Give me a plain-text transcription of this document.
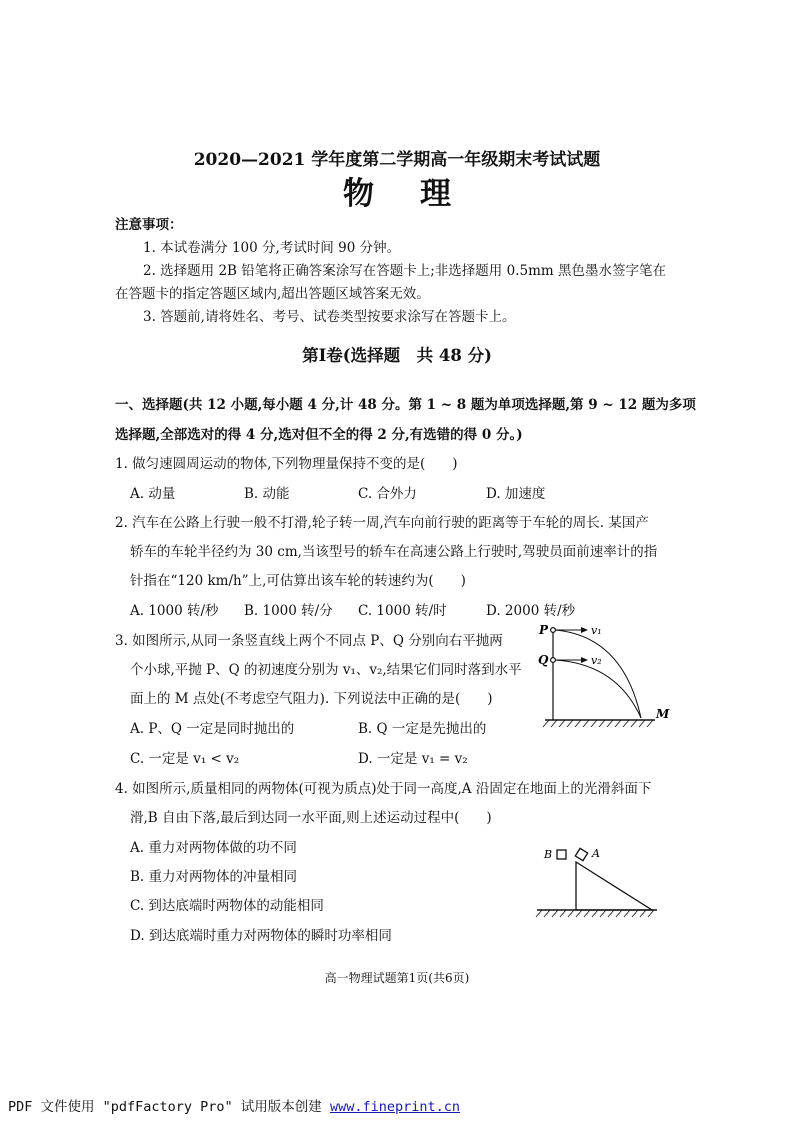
2020—2021 学年度第二学期高一年级期末考试试题
物理
注意事项：
1. 本试卷满分 100 分,考试时间 90 分钟。
2. 选择题用 2B 铅笔将正确答案涂写在答题卡上;非选择题用 0.5mm 黑色墨水签字笔在
在答题卡的指定答题区域内,超出答题区域答案无效。
3. 答题前,请将姓名、考号、试卷类型按要求涂写在答题卡上。
第Ⅰ卷(选择题　共 48 分)
一、选择题(共 12 小题,每小题 4 分,计 48 分。第 1 ~ 8 题为单项选择题,第 9 ~ 12 题为多项
选择题,全部选对的得 4 分,选对但不全的得 2 分,有选错的得 0 分。)
1. 做匀速圆周运动的物体,下列物理量保持不变的是(　　)
A. 动量	B. 动能	C. 合外力	D. 加速度
2. 汽车在公路上行驶一般不打滑,轮子转一周,汽车向前行驶的距离等于车轮的周长. 某国产
轿车的车轮半径约为 30 cm,当该型号的轿车在高速公路上行驶时,驾驶员面前速率计的指
针指在“120 km/h”上,可估算出该车轮的转速约为(　　)
A. 1000 转/秒 B. 1000 转/分 C. 1000 转/时	D. 2000 转/秒
3. 如图所示,从同一条竖直线上两个不同点 P、Q 分别向右平抛两
个小球,平抛 P、Q 的初速度分别为 v₁、v₂,结果它们同时落到水平
面上的 M 点处(不考虑空气阻力). 下列说法中正确的是(　　)
A. P、Q 一定是同时抛出的	B. Q 一定是先抛出的
C. 一定是 v₁ < v₂	D. 一定是 v₁ = v₂
P
Q
v₁
v₂
M
4. 如图所示,质量相同的两物体(可视为质点)处于同一高度,A 沿固定在地面上的光滑斜面下
滑,B 自由下落,最后到达同一水平面,则上述运动过程中(　　)
A. 重力对两物体做的功不同
B. 重力对两物体的冲量相同
C. 到达底端时两物体的动能相同
D. 到达底端时重力对两物体的瞬时功率相同
B	A
高一物理试题第1页(共6页)
PDF 文件使用 "pdfFactory Pro" 试用版本创建 www.fineprint.cn
